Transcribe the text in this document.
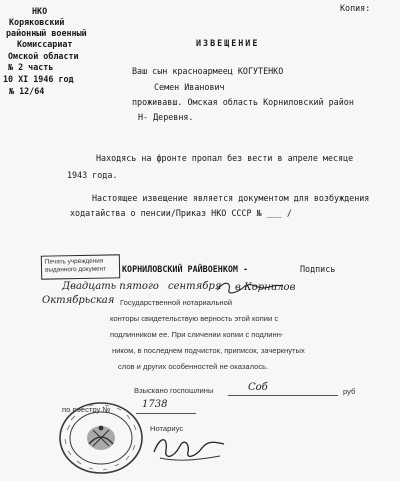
Копия:
НКО
Коряковский
районный военный
Комиссариат
Омской области
№ 2 часть
10 XI 1946 год
№ 12/64
ИЗВЕЩЕНИЕ
Ваш сын красноармеец КОГУТЕНКО
Семен Иванович
проживавш. Омская область Корниловский район
Н- Деревня.
Находясь на фронте пропал без вести в апреле месяце
1943 года.
Настоящее извещение является документом для возбуждения
ходатайства о пенсии/Приказ НКО СССР № ___ /
Печать учреждения выданного документ	КОРНИЛОВСКИЙ РАЙВОЕНКОМ -	Подпись
Двадцать пятого сентября в Корнилов
Октябрьская Государственной нотариальной
конторы свидетельствую верность этой копии с
подлинником ее. При сличении копии с подлинн-
ником, в последнем подчисток, приписок, зачеркнутых
слов и других особенностей не оказалось.
Взыскано госпошлины	Соб	руб
по реестру №	1738
Нотариус
